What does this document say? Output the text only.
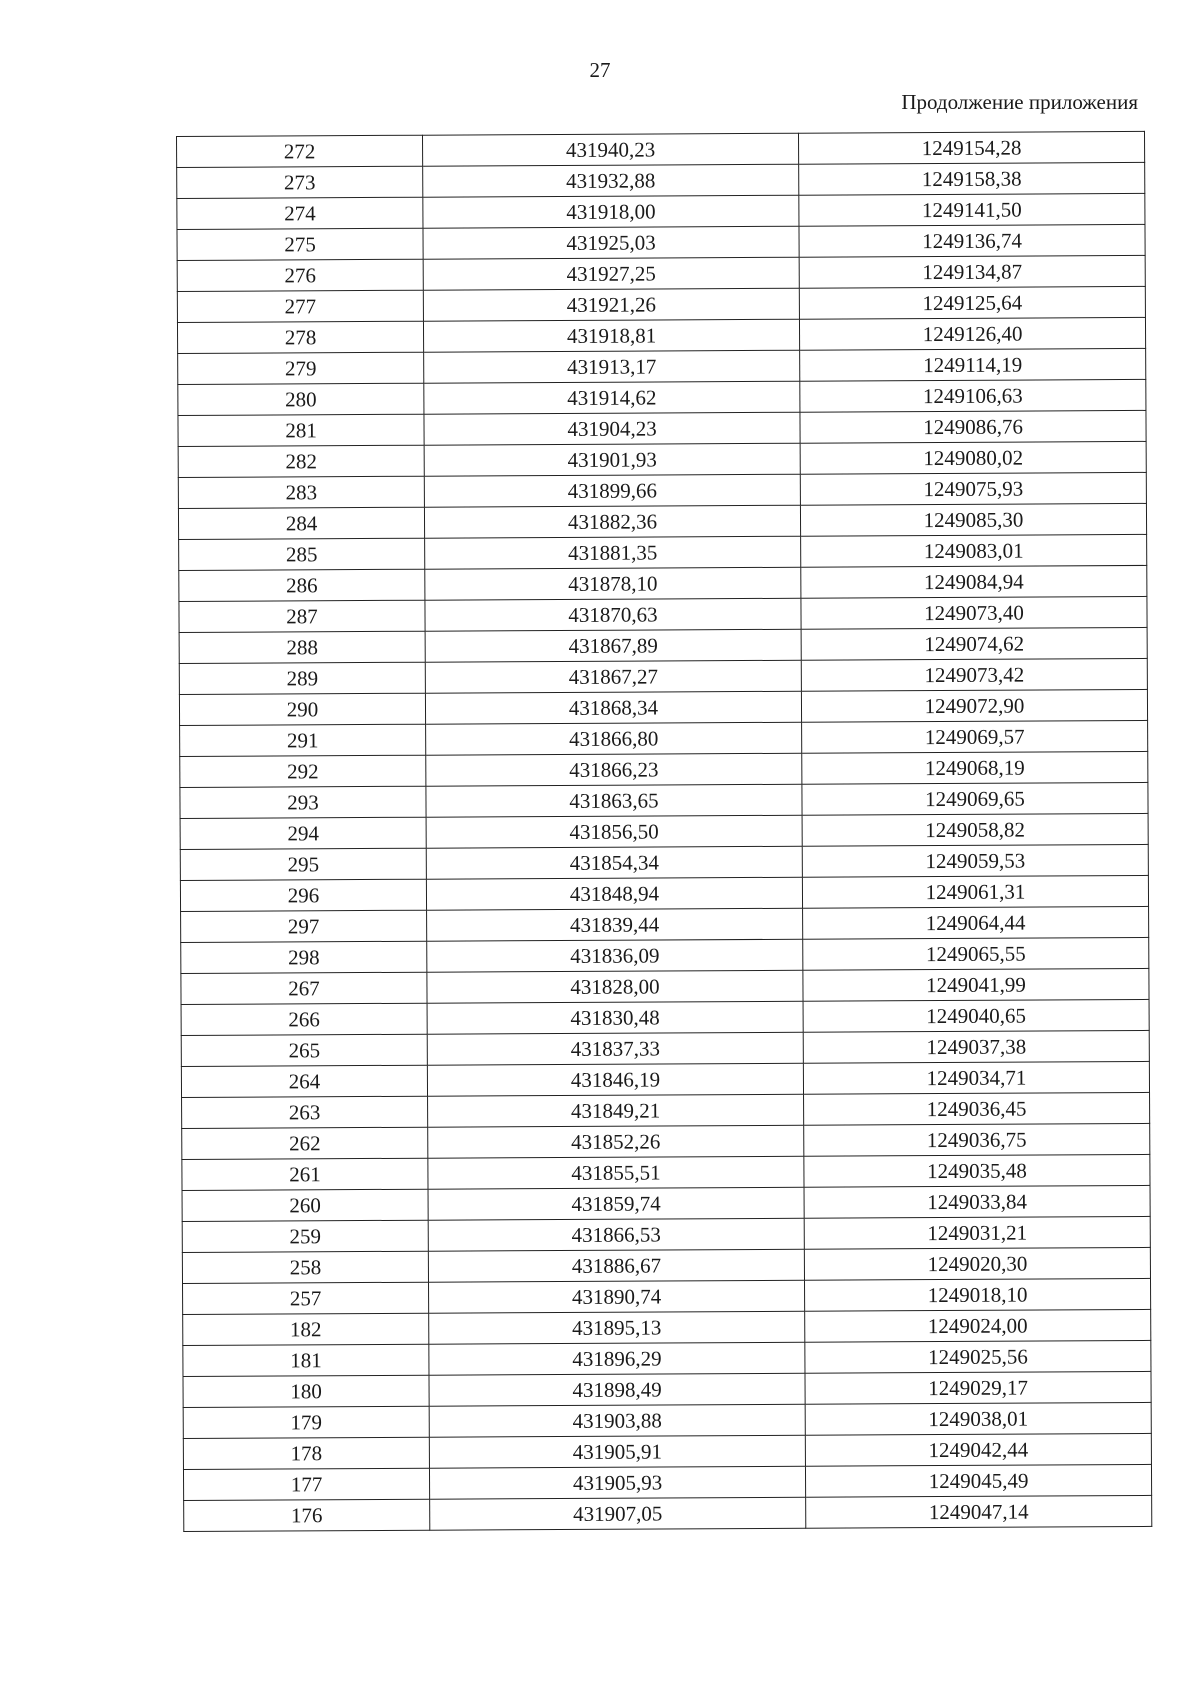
27
Продолжение приложения
272	431940,23	1249154,28
273	431932,88	1249158,38
274	431918,00	1249141,50
275	431925,03	1249136,74
276	431927,25	1249134,87
277	431921,26	1249125,64
278	431918,81	1249126,40
279	431913,17	1249114,19
280	431914,62	1249106,63
281	431904,23	1249086,76
282	431901,93	1249080,02
283	431899,66	1249075,93
284	431882,36	1249085,30
285	431881,35	1249083,01
286	431878,10	1249084,94
287	431870,63	1249073,40
288	431867,89	1249074,62
289	431867,27	1249073,42
290	431868,34	1249072,90
291	431866,80	1249069,57
292	431866,23	1249068,19
293	431863,65	1249069,65
294	431856,50	1249058,82
295	431854,34	1249059,53
296	431848,94	1249061,31
297	431839,44	1249064,44
298	431836,09	1249065,55
267	431828,00	1249041,99
266	431830,48	1249040,65
265	431837,33	1249037,38
264	431846,19	1249034,71
263	431849,21	1249036,45
262	431852,26	1249036,75
261	431855,51	1249035,48
260	431859,74	1249033,84
259	431866,53	1249031,21
258	431886,67	1249020,30
257	431890,74	1249018,10
182	431895,13	1249024,00
181	431896,29	1249025,56
180	431898,49	1249029,17
179	431903,88	1249038,01
178	431905,91	1249042,44
177	431905,93	1249045,49
176	431907,05	1249047,14
